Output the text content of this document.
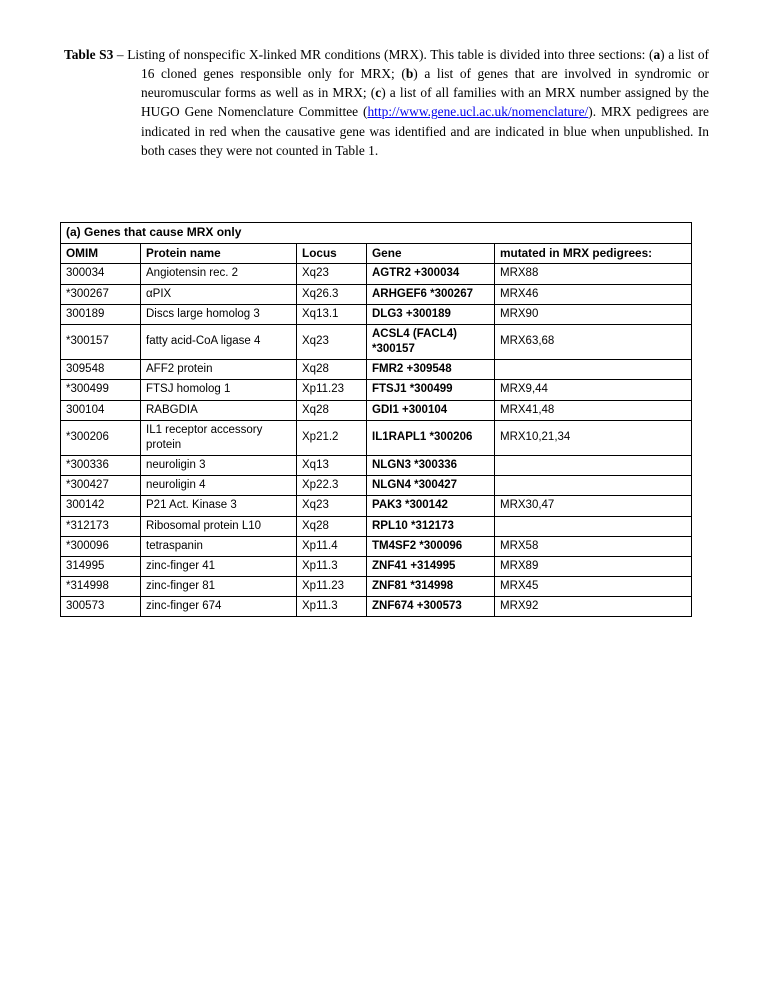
Table S3 – Listing of nonspecific X-linked MR conditions (MRX). This table is divided into three sections: (a) a list of 16 cloned genes responsible only for MRX; (b) a list of genes that are involved in syndromic or neuromuscular forms as well as in MRX; (c) a list of all families with an MRX number assigned by the HUGO Gene Nomenclature Committee (http://www.gene.ucl.ac.uk/nomenclature/). MRX pedigrees are indicated in red when the causative gene was identified and are indicated in blue when unpublished. In both cases they were not counted in Table 1.

(a) Genes that cause MRX only				
OMIM	Protein name	Locus	Gene	mutated in MRX pedigrees:
300034	Angiotensin rec. 2	Xq23	AGTR2 +300034	MRX88
*300267	αPIX	Xq26.3	ARHGEF6 *300267	MRX46
300189	Discs large homolog 3	Xq13.1	DLG3 +300189	MRX90
*300157	fatty acid-CoA ligase 4	Xq23	ACSL4 (FACL4) *300157	MRX63,68
309548	AFF2 protein	Xq28	FMR2 +309548	
*300499	FTSJ homolog 1	Xp11.23	FTSJ1 *300499	MRX9,44
300104	RABGDIA	Xq28	GDI1 +300104	MRX41,48
*300206	IL1 receptor accessory protein	Xp21.2	IL1RAPL1 *300206	MRX10,21,34
*300336	neuroligin 3	Xq13	NLGN3 *300336	
*300427	neuroligin 4	Xp22.3	NLGN4 *300427	
300142	P21 Act. Kinase 3	Xq23	PAK3 *300142	MRX30,47
*312173	Ribosomal protein L10	Xq28	RPL10 *312173	
*300096	tetraspanin	Xp11.4	TM4SF2 *300096	MRX58
314995	zinc-finger 41	Xp11.3	ZNF41 +314995	MRX89
*314998	zinc-finger 81	Xp11.23	ZNF81 *314998	MRX45
300573	zinc-finger 674	Xp11.3	ZNF674 +300573	MRX92
